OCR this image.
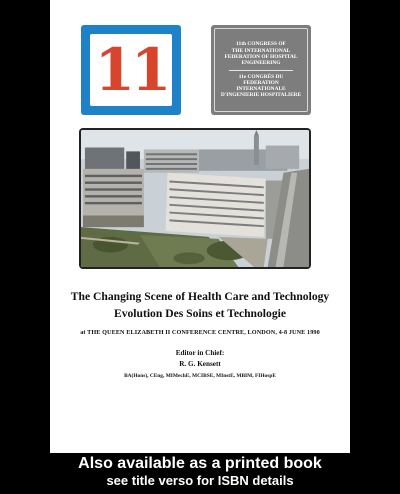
11	11th CONGRESS OF
THE INTERNATIONAL
FEDERATION OF HOSPITAL
ENGINEERING
11e CONGRÈS DU
FEDERATION
INTERNATIONALE
D'INGENIERIE HOSPITALIERE
The Changing Scene of Health Care and Technology
Evolution Des Soins et Technologie
at THE QUEEN ELIZABETH II CONFERENCE CENTRE, LONDON, 4-8 JUNE 1990
Editor in Chief:
R. G. Kensett
BA(Hons), CEng, MIMechE, MCIBSE, MInstE, MBIM, FIHospE
Also available as a printed book
see title verso for ISBN details
